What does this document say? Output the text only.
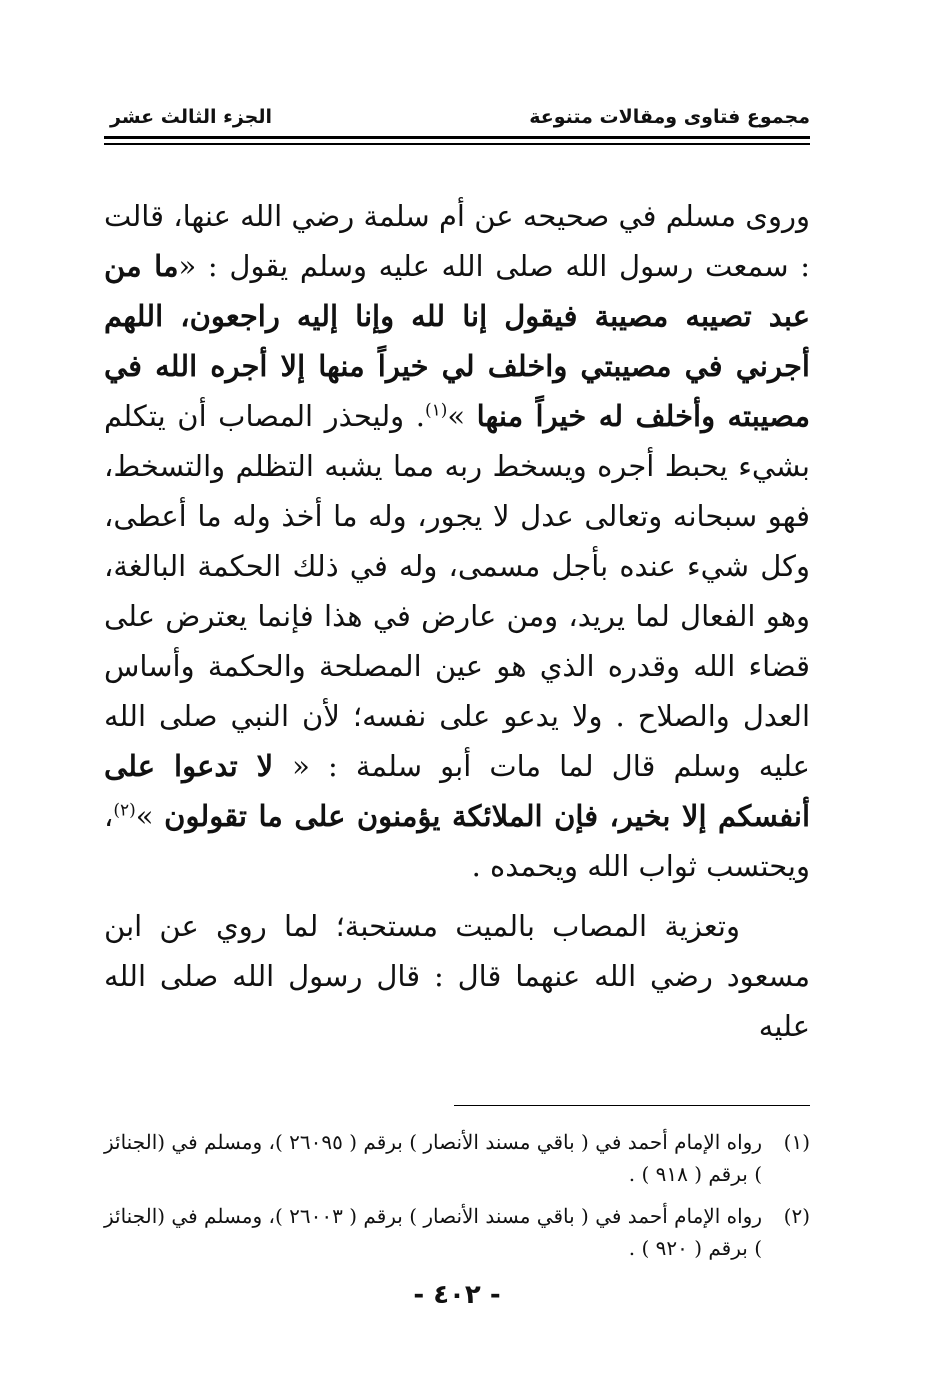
مجموع فتاوى ومقالات متنوعة
الجزء الثالث عشر

وروى مسلم في صحيحه عن أم سلمة رضي الله عنها، قالت : سمعت رسول الله صلى الله عليه وسلم يقول : «ما من عبد تصيبه مصيبة فيقول إنا لله وإنا إليه راجعون، اللهم أجرني في مصيبتي واخلف لي خيراً منها إلا أجره الله في مصيبته وأخلف له خيراً منها »$^{(١)}$. وليحذر المصاب أن يتكلم بشيء يحبط أجره ويسخط ربه مما يشبه التظلم والتسخط، فهو سبحانه وتعالى عدل لا يجور، وله ما أخذ وله ما أعطى، وكل شيء عنده بأجل مسمى، وله في ذلك الحكمة البالغة، وهو الفعال لما يريد، ومن عارض في هذا فإنما يعترض على قضاء الله وقدره الذي هو عين المصلحة والحكمة وأساس العدل والصلاح . ولا يدعو على نفسه؛ لأن النبي صلى الله عليه وسلم قال لما مات أبو سلمة : « لا تدعوا على أنفسكم إلا بخير، فإن الملائكة يؤمنون على ما تقولون »$^{(٢)}$، ويحتسب ثواب الله ويحمده .

وتعزية المصاب بالميت مستحبة؛ لما روي عن ابن مسعود رضي الله عنهما قال : قال رسول الله صلى الله عليه

(١)
رواه الإمام أحمد في ( باقي مسند الأنصار ) برقم ( ٢٦٠٩٥ )، ومسلم في (الجنائز ) برقم ( ٩١٨ ) .
(٢)
رواه الإمام أحمد في ( باقي مسند الأنصار ) برقم ( ٢٦٠٠٣ )، ومسلم في (الجنائز ) برقم ( ٩٢٠ ) .
- ٤٠٢ -
